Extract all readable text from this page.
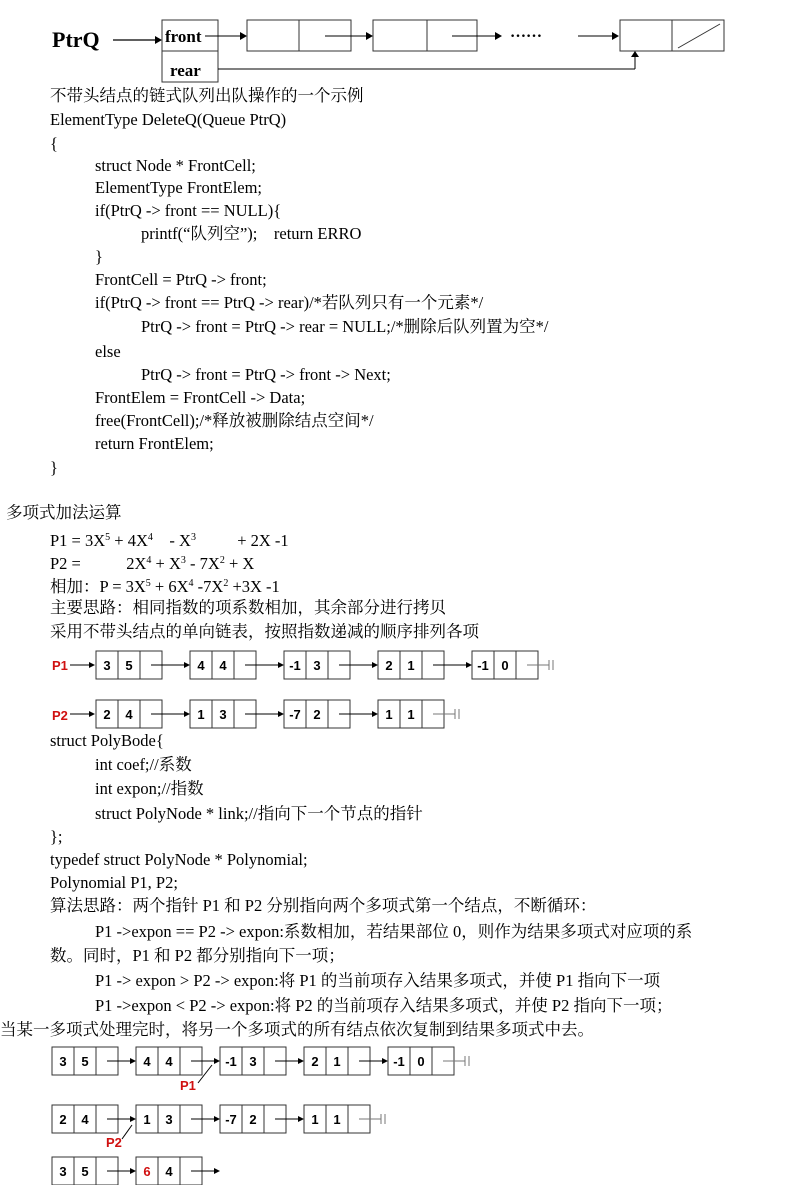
PtrQ	front
rear
……
不带头结点的链式队列出队操作的一个示例
ElementType DeleteQ(Queue PtrQ)
{
struct Node * FrontCell;
ElementType FrontElem;
if(PtrQ -> front == NULL){
printf(“队列空”);    return ERRO
}
FrontCell = PtrQ -> front;
if(PtrQ -> front == PtrQ -> rear)/*若队列只有一个元素*/
PtrQ -> front = PtrQ -> rear = NULL;/*删除后队列置为空*/
else
PtrQ -> front = PtrQ -> front -> Next;
FrontElem = FrontCell -> Data;
free(FrontCell);/*释放被删除结点空间*/
return FrontElem;
}
多项式加法运算
$P1 = 3X^5 + 4X^4$    - $X^3$          + 2X -1
P2 =           $2X^4 + X^3 - 7X^2 + X$
相加：$P = 3X^5 + 6X^4$ $-7X^2 +3X$ -1
主要思路：相同指数的项系数相加，其余部分进行拷贝
采用不带头结点的单向链表，按照指数递减的顺序排列各项
P1	3 5	4 4	-1 3	2 1	-1 0
P2	2 4	1 3	-7 2	1 1
struct PolyBode{
int coef;//系数
int expon;//指数
struct PolyNode * link;//指向下一个节点的指针
};
typedef struct PolyNode * Polynomial;
Polynomial P1, P2;
算法思路：两个指针 P1 和 P2 分别指向两个多项式第一个结点，不断循环：
P1 ->expon == P2 -> expon:系数相加，若结果部位 0，则作为结果多项式对应项的系
数。同时，P1 和 P2 都分别指向下一项；
P1 -> expon > P2 -> expon:将 P1 的当前项存入结果多项式，并使 P1 指向下一项
P1 ->expon < P2 -> expon:将 P2 的当前项存入结果多项式，并使 P2 指向下一项；
当某一多项式处理完时，将另一个多项式的所有结点依次复制到结果多项式中去。
3 5	4 4	-1 3	2 1	-1 0
P1
2 4	1 3	-7 2	1 1
P2
3 5	6 4
